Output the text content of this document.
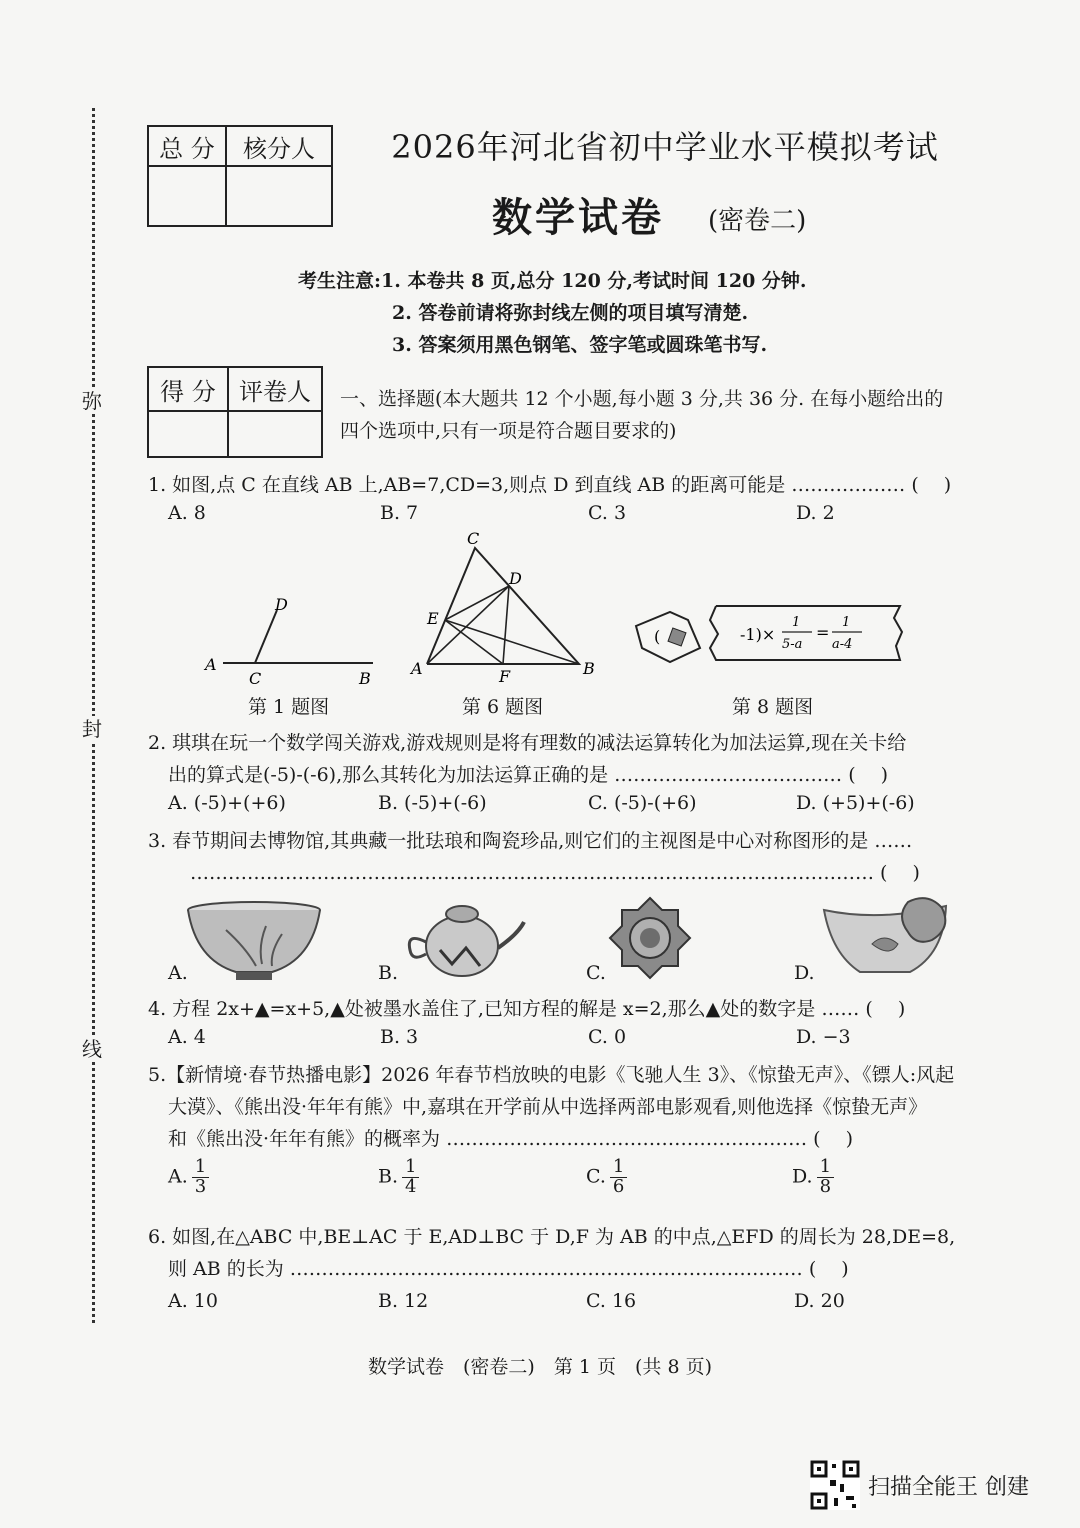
弥
封
线
总 分	核分人
		2026年河北省初中学业水平模拟考试
数学试卷 (密卷二)
考生注意:1. 本卷共 8 页,总分 120 分,考试时间 120 分钟.
2. 答卷前请将弥封线左侧的项目填写清楚.
3. 答案须用黑色钢笔、签字笔或圆珠笔书写.
得 分	评卷人
	一、选择题(本大题共 12 个小题,每小题 3 分,共 36 分. 在每小题给出的
四个选项中,只有一项是符合题目要求的)
1. 如图,点 C 在直线 AB 上,AB=7,CD=3,则点 D 到直线 AB 的距离可能是 ……………… (　 )
A. 8	B. 7	C. 3	D. 2
D
A
C	B
C
D
E
A	F	B
(	-1)×
1
5-a
=
1
a-4
第 1 题图	第 6 题图	第 8 题图
2. 琪琪在玩一个数学闯关游戏,游戏规则是将有理数的减法运算转化为加法运算,现在关卡给
出的算式是(-5)-(-6),那么其转化为加法运算正确的是 ……………………………… (　 )
A. (-5)+(+6)	B. (-5)+(-6)	C. (-5)-(+6)	D. (+5)+(-6)
3. 春节期间去博物馆,其典藏一批珐琅和陶瓷珍品,则它们的主视图是中心对称图形的是 ……
……………………………………………………………………………………………… (　 )
A.	B.	C.	D.
4. 方程 2x+▲=x+5,▲处被墨水盖住了,已知方程的解是 x=2,那么▲处的数字是 …… (　 )
A. 4	B. 3	C. 0	D. −3
5.【新情境·春节热播电影】2026 年春节档放映的电影《飞驰人生 3》、《惊蛰无声》、《镖人:风起
大漠》、《熊出没·年年有熊》中,嘉琪在开学前从中选择两部电影观看,则他选择《惊蛰无声》
和《熊出没·年年有熊》的概率为 ………………………………………………… (　 )
A. $\frac{1}{3}$	B. $\frac{1}{4}$	C. $\frac{1}{6}$	D. $\frac{1}{8}$
6. 如图,在△ABC 中,BE⊥AC 于 E,AD⊥BC 于 D,F 为 AB 的中点,△EFD 的周长为 28,DE=8,
则 AB 的长为 ……………………………………………………………………… (　 )
A. 10	B. 12	C. 16	D. 20
数学试卷　(密卷二)　第 1 页　(共 8 页)
扫描全能王 创建
